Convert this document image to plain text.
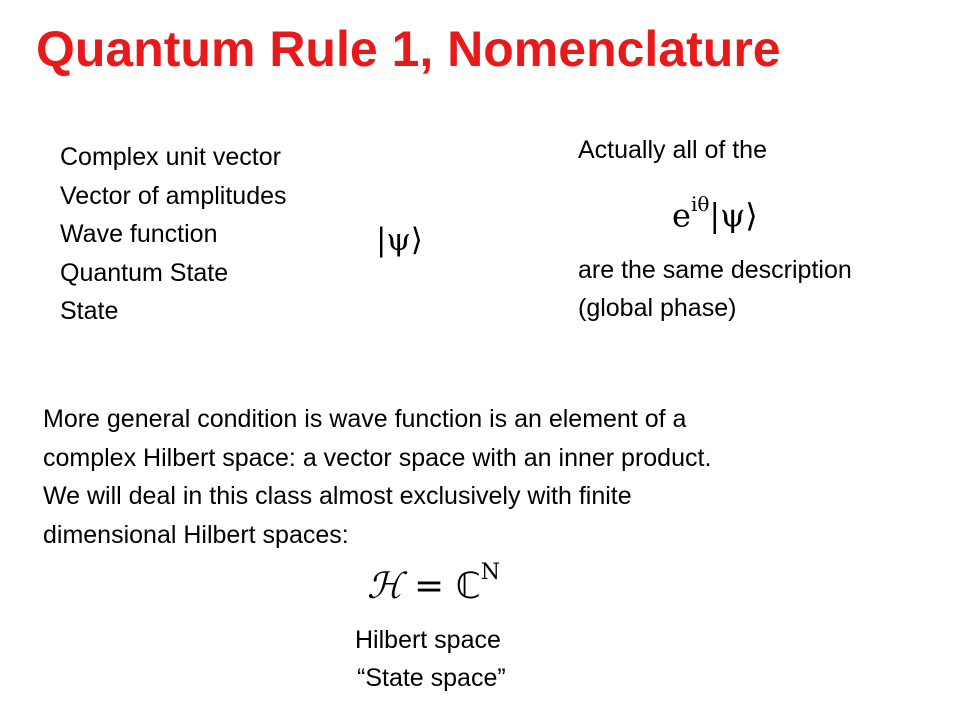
Quantum Rule 1, Nomenclature
Complex unit vector
Vector of amplitudes
Wave function
Quantum State
State
|ψ⟩
Actually all of the
$e^{i\theta}|\psi⟩$
are the same description
(global phase)
More general condition is wave function is an element of a
complex Hilbert space: a vector space with an inner product.
We will deal in this class almost exclusively with finite
dimensional Hilbert spaces:
ℋ = ℂ$^N$
Hilbert space
“State space”
